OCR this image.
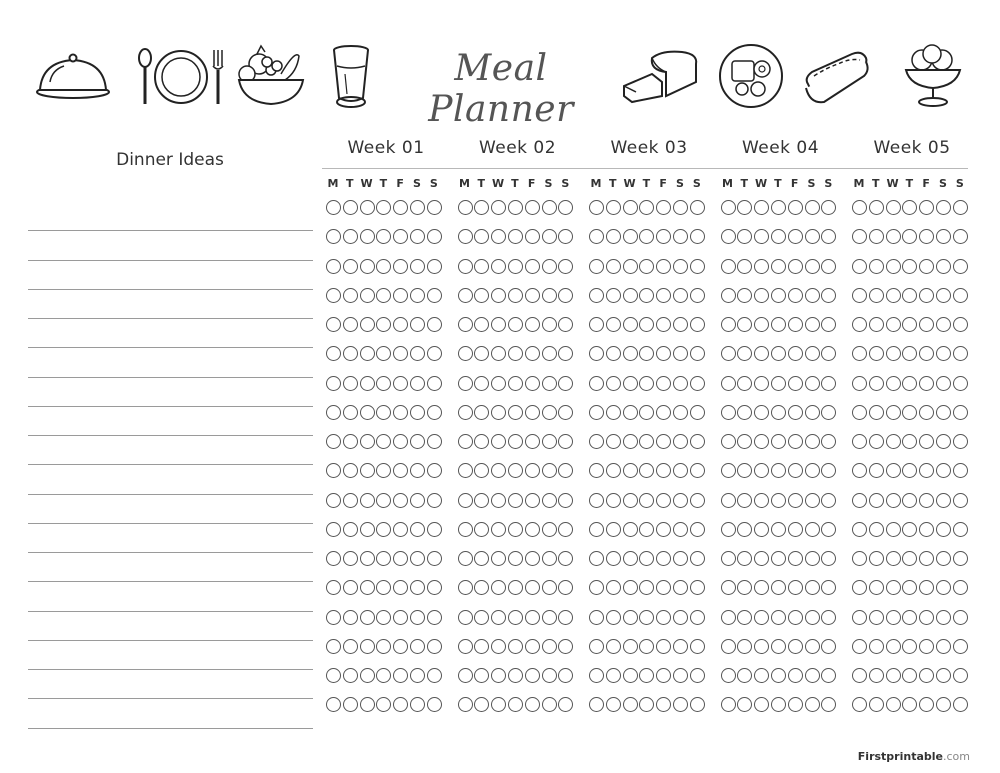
Meal Planner
Dinner Ideas
Week 01	Week 02	Week 03	Week 04	Week 05
M T W T F S S M T W T F S S M T W T F S S M T W T F S S M T W T F S S
Firstprintable.com
